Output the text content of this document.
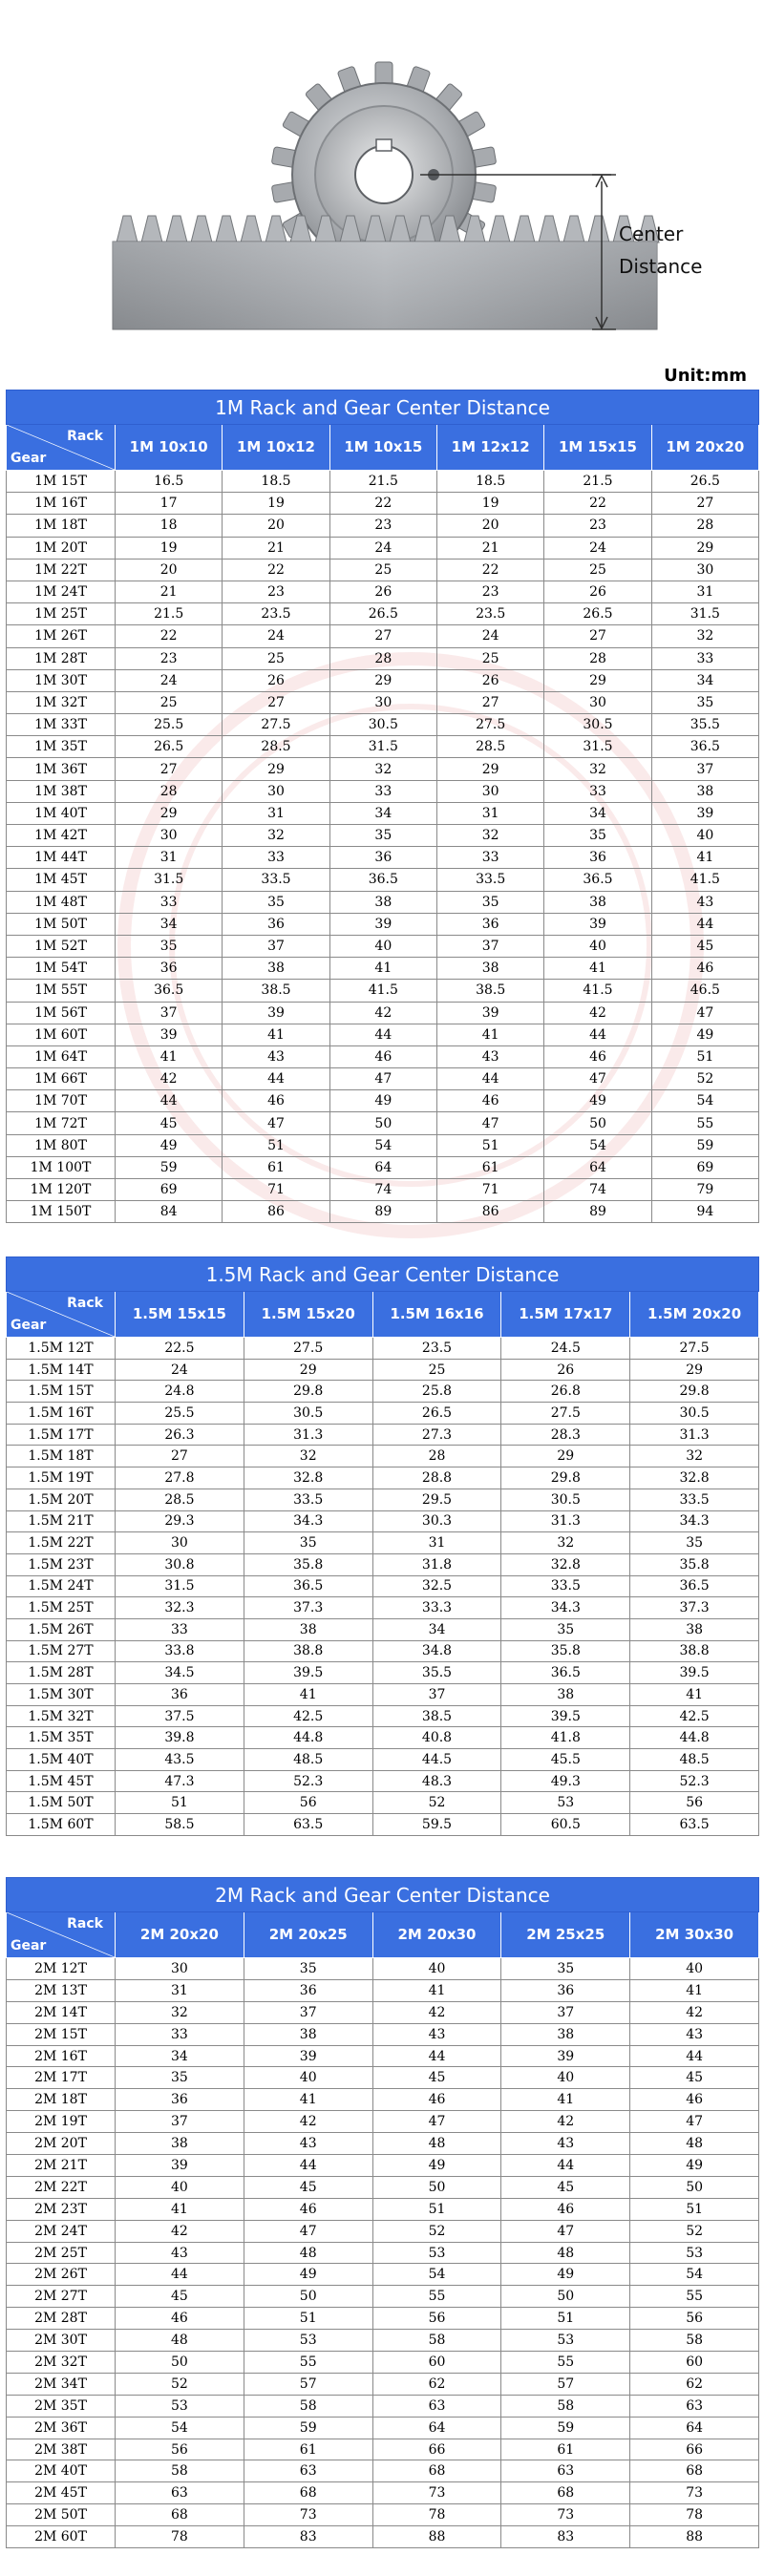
Center
Distance
Unit:mm
1M Rack and Gear Center Distance						

Rack
Gear	1M 10x10	1M 10x12	1M 10x15	1M 12x12	1M 15x15	1M 20x20
1M 15T	16.5	18.5	21.5	18.5	21.5	26.5
1M 16T	17	19	22	19	22	27
1M 18T	18	20	23	20	23	28
1M 20T	19	21	24	21	24	29
1M 22T	20	22	25	22	25	30
1M 24T	21	23	26	23	26	31
1M 25T	21.5	23.5	26.5	23.5	26.5	31.5
1M 26T	22	24	27	24	27	32
1M 28T	23	25	28	25	28	33
1M 30T	24	26	29	26	29	34
1M 32T	25	27	30	27	30	35
1M 33T	25.5	27.5	30.5	27.5	30.5	35.5
1M 35T	26.5	28.5	31.5	28.5	31.5	36.5
1M 36T	27	29	32	29	32	37
1M 38T	28	30	33	30	33	38
1M 40T	29	31	34	31	34	39
1M 42T	30	32	35	32	35	40
1M 44T	31	33	36	33	36	41
1M 45T	31.5	33.5	36.5	33.5	36.5	41.5
1M 48T	33	35	38	35	38	43
1M 50T	34	36	39	36	39	44
1M 52T	35	37	40	37	40	45
1M 54T	36	38	41	38	41	46
1M 55T	36.5	38.5	41.5	38.5	41.5	46.5
1M 56T	37	39	42	39	42	47
1M 60T	39	41	44	41	44	49
1M 64T	41	43	46	43	46	51
1M 66T	42	44	47	44	47	52
1M 70T	44	46	49	46	49	54
1M 72T	45	47	50	47	50	55
1M 80T	49	51	54	51	54	59
1M 100T	59	61	64	61	64	69
1M 120T	69	71	74	71	74	79
1M 150T	84	86	89	86	89	94
1.5M Rack and Gear Center Distance					

Rack
Gear	1.5M 15x15	1.5M 15x20	1.5M 16x16	1.5M 17x17	1.5M 20x20
1.5M 12T	22.5	27.5	23.5	24.5	27.5
1.5M 14T	24	29	25	26	29
1.5M 15T	24.8	29.8	25.8	26.8	29.8
1.5M 16T	25.5	30.5	26.5	27.5	30.5
1.5M 17T	26.3	31.3	27.3	28.3	31.3
1.5M 18T	27	32	28	29	32
1.5M 19T	27.8	32.8	28.8	29.8	32.8
1.5M 20T	28.5	33.5	29.5	30.5	33.5
1.5M 21T	29.3	34.3	30.3	31.3	34.3
1.5M 22T	30	35	31	32	35
1.5M 23T	30.8	35.8	31.8	32.8	35.8
1.5M 24T	31.5	36.5	32.5	33.5	36.5
1.5M 25T	32.3	37.3	33.3	34.3	37.3
1.5M 26T	33	38	34	35	38
1.5M 27T	33.8	38.8	34.8	35.8	38.8
1.5M 28T	34.5	39.5	35.5	36.5	39.5
1.5M 30T	36	41	37	38	41
1.5M 32T	37.5	42.5	38.5	39.5	42.5
1.5M 35T	39.8	44.8	40.8	41.8	44.8
1.5M 40T	43.5	48.5	44.5	45.5	48.5
1.5M 45T	47.3	52.3	48.3	49.3	52.3
1.5M 50T	51	56	52	53	56
1.5M 60T	58.5	63.5	59.5	60.5	63.5
2M Rack and Gear Center Distance					

Rack
Gear	2M 20x20	2M 20x25	2M 20x30	2M 25x25	2M 30x30
2M 12T	30	35	40	35	40
2M 13T	31	36	41	36	41
2M 14T	32	37	42	37	42
2M 15T	33	38	43	38	43
2M 16T	34	39	44	39	44
2M 17T	35	40	45	40	45
2M 18T	36	41	46	41	46
2M 19T	37	42	47	42	47
2M 20T	38	43	48	43	48
2M 21T	39	44	49	44	49
2M 22T	40	45	50	45	50
2M 23T	41	46	51	46	51
2M 24T	42	47	52	47	52
2M 25T	43	48	53	48	53
2M 26T	44	49	54	49	54
2M 27T	45	50	55	50	55
2M 28T	46	51	56	51	56
2M 30T	48	53	58	53	58
2M 32T	50	55	60	55	60
2M 34T	52	57	62	57	62
2M 35T	53	58	63	58	63
2M 36T	54	59	64	59	64
2M 38T	56	61	66	61	66
2M 40T	58	63	68	63	68
2M 45T	63	68	73	68	73
2M 50T	68	73	78	73	78
2M 60T	78	83	88	83	88
